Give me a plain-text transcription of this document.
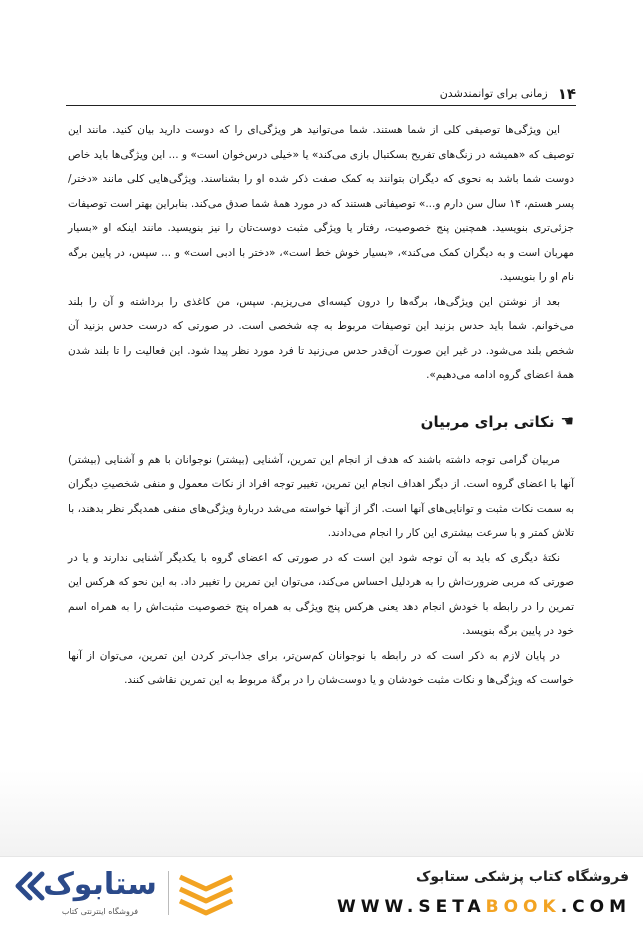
۱۴
زمانی برای توانمندشدن

این ویژگی‌ها توصیفی کلی از شما هستند. شما می‌توانید هر ویژگی‌ای را که دوست دارید بیان کنید. مانند این توصیف که «همیشه در زنگ‌های تفریح بسکتبال بازی می‌کند» یا «خیلی درس‌خوان است» و ... این ویژگی‌ها باید خاص دوست شما باشد به نحوی که دیگران بتوانند به کمک صفت ذکر شده او را بشناسند. ویژگی‌هایی کلی مانند «دختر/پسر هستم، ۱۴ سال سن دارم و...» توصیفاتی هستند که در مورد همهٔ شما صدق می‌کند. بنابراین بهتر است توصیفات جزئی‌تری بنویسید. همچنین پنج خصوصیت، رفتار یا ویژگی مثبت دوست‌تان را نیز بنویسید. مانند اینکه او «بسیار مهربان است و به دیگران کمک می‌کند»، «بسیار خوش خط است»، «دختر با ادبی است» و ... سپس، در پایین برگه نام او را بنویسید.

بعد از نوشتن این ویژگی‌ها، برگه‌ها را درون کیسه‌ای می‌ریزیم. سپس، من کاغذی را برداشته و آن را بلند می‌خوانم. شما باید حدس بزنید این توصیفات مربوط به چه شخصی است. در صورتی که درست حدس بزنید آن شخص بلند می‌شود. در غیر این صورت آن‌قدر حدس می‌زنید تا فرد مورد نظر پیدا شود. این فعالیت را تا بلند شدن همهٔ اعضای گروه ادامه می‌دهیم».

☚
نکاتی برای مربیان

مربیان گرامی توجه داشته باشند که هدف از انجام این تمرین، آشنایی (بیشتر) نوجوانان با هم و آشنایی (بیشتر) آنها با اعضای گروه است. از دیگر اهداف انجام این تمرین، تغییر توجه افراد از نکات معمول و منفی شخصیتِ دیگران به سمت نکات مثبت و توانایی‌های آنها است. اگر از آنها خواسته می‌شد دربارهٔ ویژگی‌های منفی همدیگر نظر بدهند، با تلاش کمتر و با سرعت بیشتری این کار را انجام می‌دادند.

نکتهٔ دیگری که باید به آن توجه شود این است که در صورتی که اعضای گروه با یکدیگر آشنایی ندارند و یا در صورتی که مربی ضرورت‌اش را به هردلیل احساس می‌کند، می‌توان این تمرین را تغییر داد. به این نحو که هرکس این تمرین را در رابطه با خودش انجام دهد یعنی هرکس پنج ویژگی به همراه پنج خصوصیت مثبت‌اش را به همراه اسم خود در پایین برگه بنویسد.

در پایان لازم به ذکر است که در رابطه با نوجوانان کم‌سن‌تر، برای جذاب‌تر کردن این تمرین، می‌توان از آنها خواست که ویژگی‌ها و نکات مثبت خودشان و یا دوست‌شان را در برگهٔ مربوط به این تمرین نقاشی کنند.

ستابوک
فروشگاه اینترنتی کتاب
فروشگاه کتاب پزشکی ستابوک
WWW.SETABOOK.COM
